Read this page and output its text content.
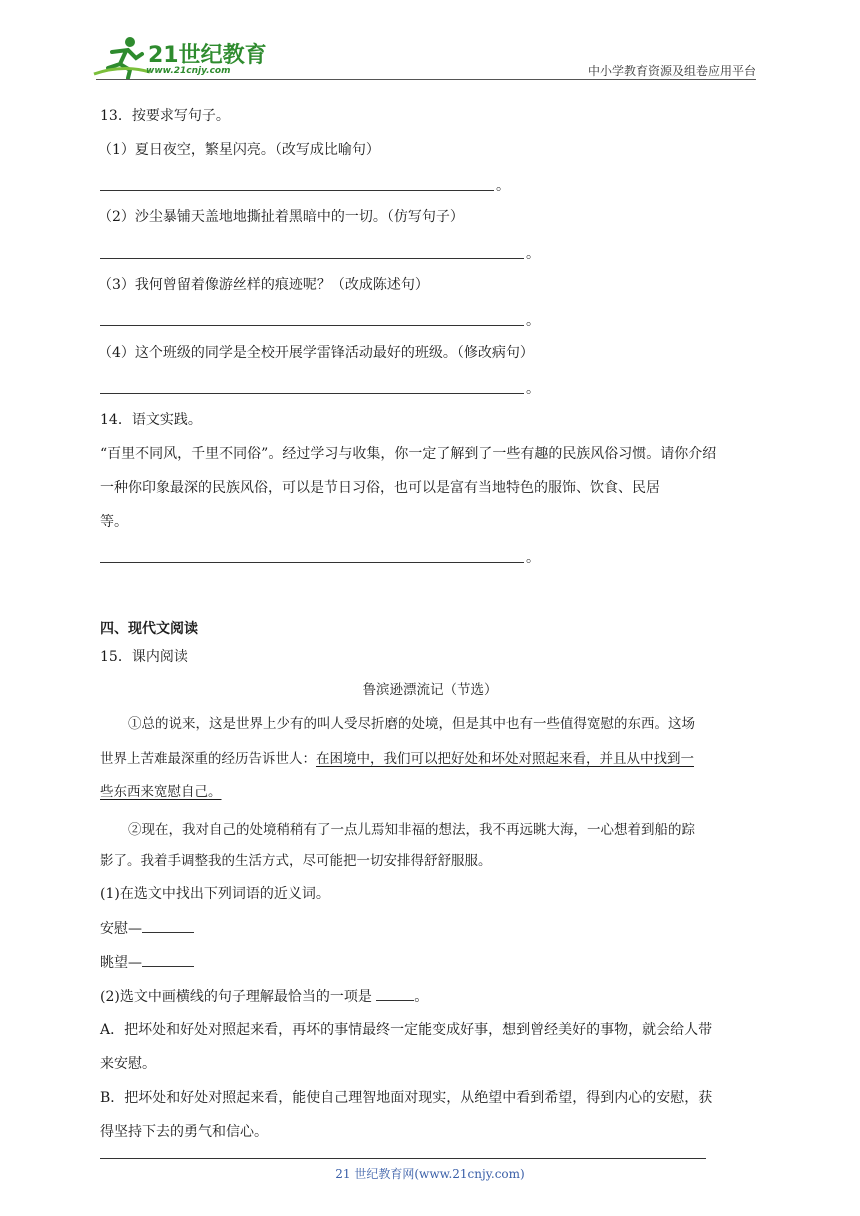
21世纪教育
www.21cnjy.com	中小学教育资源及组卷应用平台
13．按要求写句子。
（1）夏日夜空，繁星闪亮。（改写成比喻句）
。
（2）沙尘暴铺天盖地地撕扯着黑暗中的一切。（仿写句子）
。
（3）我何曾留着像游丝样的痕迹呢？（改成陈述句）
。
（4）这个班级的同学是全校开展学雷锋活动最好的班级。（修改病句）
。
14．语文实践。
“百里不同风，千里不同俗”。经过学习与收集，你一定了解到了一些有趣的民族风俗习惯。请你介绍
一种你印象最深的民族风俗，可以是节日习俗，也可以是富有当地特色的服饰、饮食、民居
等。
。
四、现代文阅读
15．课内阅读
鲁滨逊漂流记（节选）
①总的说来，这是世界上少有的叫人受尽折磨的处境，但是其中也有一些值得宽慰的东西。这场
世界上苦难最深重的经历告诉世人：在困境中，我们可以把好处和坏处对照起来看，并且从中找到一
些东西来宽慰自己。
②现在，我对自己的处境稍稍有了一点儿焉知非福的想法，我不再远眺大海，一心想着到船的踪
影了。我着手调整我的生活方式，尽可能把一切安排得舒舒服服。
(1)在选文中找出下列词语的近义词。
安慰—
眺望—
(2)选文中画横线的句子理解最恰当的一项是	。
A．把坏处和好处对照起来看，再坏的事情最终一定能变成好事，想到曾经美好的事物，就会给人带
来安慰。
B．把坏处和好处对照起来看，能使自己理智地面对现实，从绝望中看到希望，得到内心的安慰，获
得坚持下去的勇气和信心。
21 世纪教育网(www.21cnjy.com)
